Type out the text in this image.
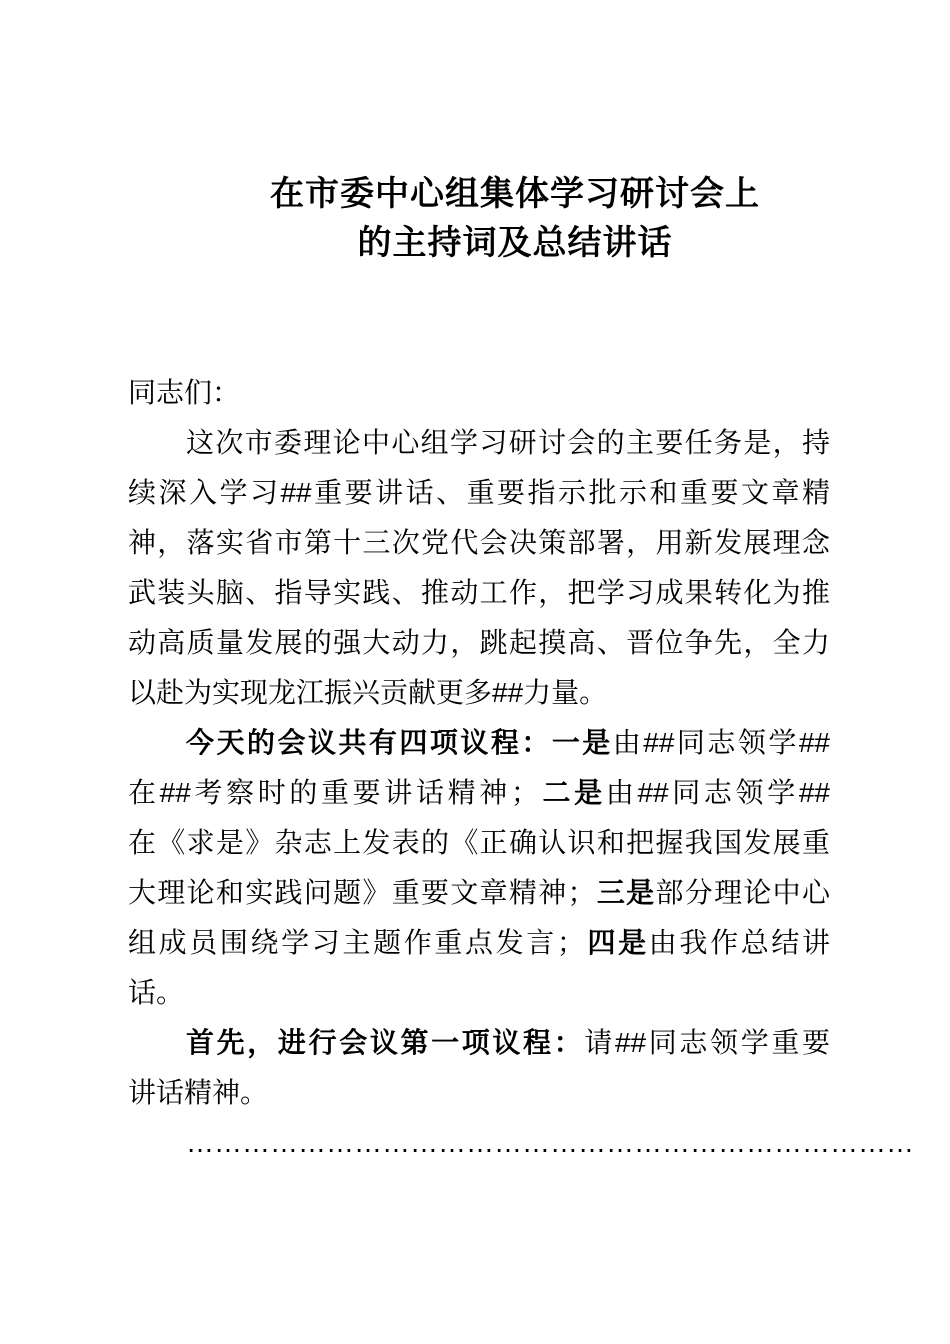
在市委中心组集体学习研讨会上
的主持词及总结讲话
同志们：
这次市委理论中心组学习研讨会的主要任务是，持
续深入学习##重要讲话、重要指示批示和重要文章精
神，落实省市第十三次党代会决策部署，用新发展理念
武装头脑、指导实践、推动工作，把学习成果转化为推
动高质量发展的强大动力，跳起摸高、晋位争先，全力
以赴为实现龙江振兴贡献更多##力量。
今天的会议共有四项议程：一是由##同志领学##
在##考察时的重要讲话精神；二是由##同志领学##
在《求是》杂志上发表的《正确认识和把握我国发展重
大理论和实践问题》重要文章精神；三是部分理论中心
组成员围绕学习主题作重点发言；四是由我作总结讲
话。
首先，进行会议第一项议程：请##同志领学重要
讲话精神。
……………………………………………………………………
